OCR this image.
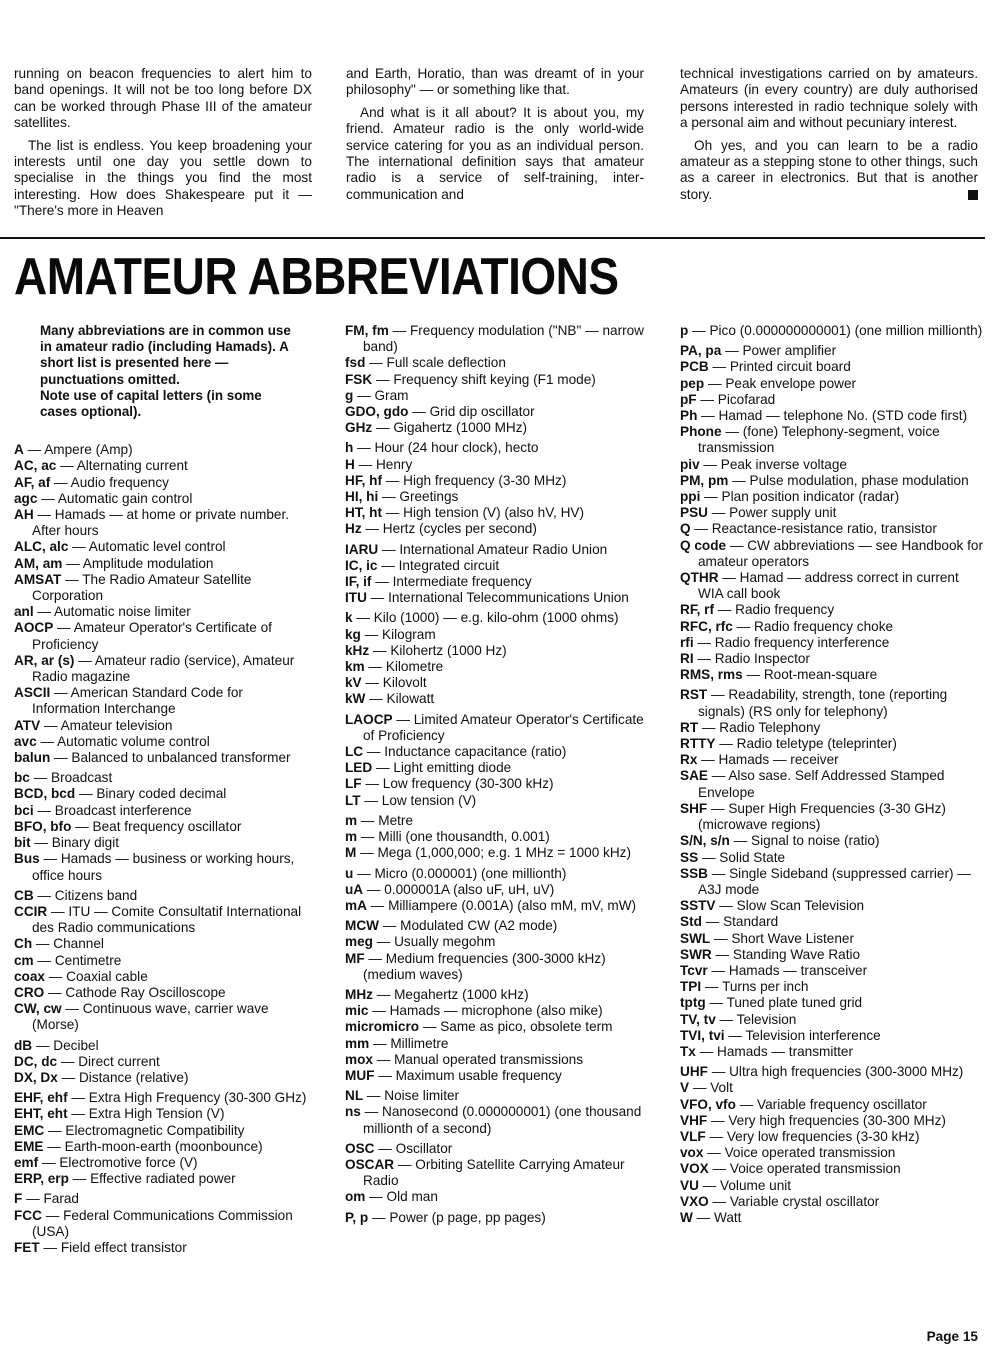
running on beacon frequencies to alert him to band openings. It will not be too long before DX can be worked through Phase III of the amateur satellites.

The list is endless. You keep broadening your interests until one day you settle down to specialise in the things you find the most interesting. How does Shakespeare put it — "There's more in Heaven

and Earth, Horatio, than was dreamt of in your philosophy" — or something like that.

And what is it all about? It is about you, my friend. Amateur radio is the only world-wide service catering for you as an individual person. The international definition says that amateur radio is a service of self-training, inter-communication and

technical investigations carried on by amateurs. Amateurs (in every country) are duly authorised persons interested in radio technique solely with a personal aim and without pecuniary interest.

Oh yes, and you can learn to be a radio amateur as a stepping stone to other things, such as a career in electronics. But that is another story.

AMATEUR ABBREVIATIONS
Many abbreviations are in common use in amateur radio (including Hamads). A short list is presented here — punctuations omitted.
Note use of capital letters (in some cases optional).
A — Ampere (Amp)
AC, ac — Alternating current
AF, af — Audio frequency
agc — Automatic gain control
AH — Hamads — at home or private number. After hours
ALC, alc — Automatic level control
AM, am — Amplitude modulation
AMSAT — The Radio Amateur Satellite Corporation
anl — Automatic noise limiter
AOCP — Amateur Operator's Certificate of Proficiency
AR, ar (s) — Amateur radio (service), Amateur Radio magazine
ASCII — American Standard Code for Information Interchange
ATV — Amateur television
avc — Automatic volume control
balun — Balanced to unbalanced transformer
bc — Broadcast
BCD, bcd — Binary coded decimal
bci — Broadcast interference
BFO, bfo — Beat frequency oscillator
bit — Binary digit
Bus — Hamads — business or working hours, office hours
CB — Citizens band
CCIR — ITU — Comite Consultatif International des Radio communications
Ch — Channel
cm — Centimetre
coax — Coaxial cable
CRO — Cathode Ray Oscilloscope
CW, cw — Continuous wave, carrier wave (Morse)
dB — Decibel
DC, dc — Direct current
DX, Dx — Distance (relative)
EHF, ehf — Extra High Frequency (30-300 GHz)
EHT, eht — Extra High Tension (V)
EMC — Electromagnetic Compatibility
EME — Earth-moon-earth (moonbounce)
emf — Electromotive force (V)
ERP, erp — Effective radiated power
F — Farad
FCC — Federal Communications Commission (USA)
FET — Field effect transistor
FM, fm — Frequency modulation ("NB" — narrow band)
fsd — Full scale deflection
FSK — Frequency shift keying (F1 mode)
g — Gram
GDO, gdo — Grid dip oscillator
GHz — Gigahertz (1000 MHz)
h — Hour (24 hour clock), hecto
H — Henry
HF, hf — High frequency (3-30 MHz)
HI, hi — Greetings
HT, ht — High tension (V) (also hV, HV)
Hz — Hertz (cycles per second)
IARU — International Amateur Radio Union
IC, ic — Integrated circuit
IF, if — Intermediate frequency
ITU — International Telecommunications Union
k — Kilo (1000) — e.g. kilo-ohm (1000 ohms)
kg — Kilogram
kHz — Kilohertz (1000 Hz)
km — Kilometre
kV — Kilovolt
kW — Kilowatt
LAOCP — Limited Amateur Operator's Certificate of Proficiency
LC — Inductance capacitance (ratio)
LED — Light emitting diode
LF — Low frequency (30-300 kHz)
LT — Low tension (V)
m — Metre
m — Milli (one thousandth, 0.001)
M — Mega (1,000,000; e.g. 1 MHz = 1000 kHz)
u — Micro (0.000001) (one millionth)
uA — 0.000001A (also uF, uH, uV)
mA — Milliampere (0.001A) (also mM, mV, mW)
MCW — Modulated CW (A2 mode)
meg — Usually megohm
MF — Medium frequencies (300-3000 kHz) (medium waves)
MHz — Megahertz (1000 kHz)
mic — Hamads — microphone (also mike)
micromicro — Same as pico, obsolete term
mm — Millimetre
mox — Manual operated transmissions
MUF — Maximum usable frequency
NL — Noise limiter
ns — Nanosecond (0.000000001) (one thousand millionth of a second)
OSC — Oscillator
OSCAR — Orbiting Satellite Carrying Amateur Radio
om — Old man
P, p — Power (p page, pp pages)
p — Pico (0.000000000001) (one million millionth)
PA, pa — Power amplifier
PCB — Printed circuit board
pep — Peak envelope power
pF — Picofarad
Ph — Hamad — telephone No. (STD code first)
Phone — (fone) Telephony-segment, voice transmission
piv — Peak inverse voltage
PM, pm — Pulse modulation, phase modulation
ppi — Plan position indicator (radar)
PSU — Power supply unit
Q — Reactance-resistance ratio, transistor
Q code — CW abbreviations — see Handbook for amateur operators
QTHR — Hamad — address correct in current WIA call book
RF, rf — Radio frequency
RFC, rfc — Radio frequency choke
rfi — Radio frequency interference
RI — Radio Inspector
RMS, rms — Root-mean-square
RST — Readability, strength, tone (reporting signals) (RS only for telephony)
RT — Radio Telephony
RTTY — Radio teletype (teleprinter)
Rx — Hamads — receiver
SAE — Also sase. Self Addressed Stamped Envelope
SHF — Super High Frequencies (3-30 GHz) (microwave regions)
S/N, s/n — Signal to noise (ratio)
SS — Solid State
SSB — Single Sideband (suppressed carrier) — A3J mode
SSTV — Slow Scan Television
Std — Standard
SWL — Short Wave Listener
SWR — Standing Wave Ratio
Tcvr — Hamads — transceiver
TPI — Turns per inch
tptg — Tuned plate tuned grid
TV, tv — Television
TVI, tvi — Television interference
Tx — Hamads — transmitter
UHF — Ultra high frequencies (300-3000 MHz)
V — Volt
VFO, vfo — Variable frequency oscillator
VHF — Very high frequencies (30-300 MHz)
VLF — Very low frequencies (3-30 kHz)
vox — Voice operated transmission
VOX — Voice operated transmission
VU — Volume unit
VXO — Variable crystal oscillator
W — Watt
Page 15
